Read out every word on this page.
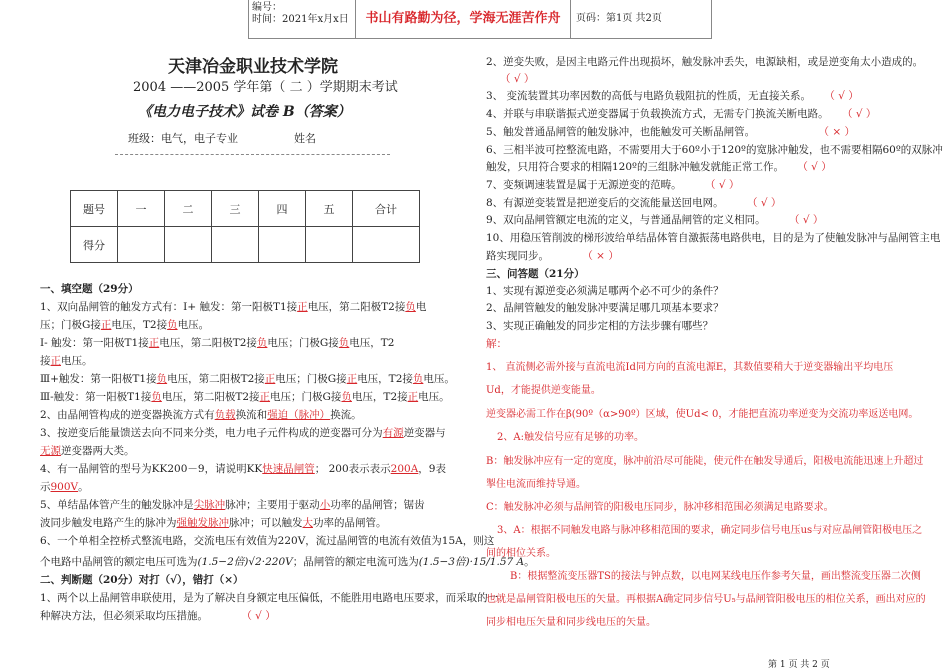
编号：
时间：2021年x月x日	书山有路勤为径，学海无涯苦作舟	页码：第1页 共2页
天津冶金职业技术学院
2004 ——2005 学年第（ 二 ）学期期末考试
《电力电子技术》试卷 B（答案）
班级：电气，电子专业	姓名
题号	一	二	三	四	五	合计
得分						
一、填空题（29分）
1、双向晶闸管的触发方式有：I+ 触发：第一阳极T1接正电压，第二阳极T2接负电
压；门极G接正电压，T2接负电压。
I- 触发：第一阳极T1接正电压，第二阳极T2接负电压；门极G接负电压，T2
接正电压。
Ⅲ+触发：第一阳极T1接负电压，第二阳极T2接正电压；门极G接正电压，T2接负电压。
Ⅲ-触发：第一阳极T1接负电压，第二阳极T2接正电压；门极G接负电压，T2接正电压。
2、由晶闸管构成的逆变器换流方式有负载换流和强迫（脉冲）换流。
3、按逆变后能量馈送去向不同来分类，电力电子元件构成的逆变器可分为有源逆变器与
无源逆变器两大类。
4、有一晶闸管的型号为KK200－9，请说明KK快速晶闸管； 200表示表示200A，9表
示900V。
5、单结晶体管产生的触发脉冲是尖脉冲脉冲；主要用于驱动小功率的晶闸管；锯齿
波同步触发电路产生的脉冲为强触发脉冲脉冲；可以触发大功率的晶闸管。
6、一个单相全控桥式整流电路，交流电压有效值为220V，流过晶闸管的电流有效值为15A，则这
个电路中晶闸管的额定电压可选为(1.5−2倍)√2·220V；晶闸管的额定电流可选为(1.5−3倍)·15/1.57 A。
二、判断题（20分）对打（√），错打（×）
1、两个以上晶闸管串联使用，是为了解决自身额定电压偏低，不能胜用电路电压要求，而采取的一
种解决方法，但必须采取均压措施。	（ √ ）
2、逆变失败，是因主电路元件出现损坏，触发脉冲丢失，电源缺相，或是逆变角太小造成的。
（ √ ）
3、 变流装置其功率因数的高低与电路负载阻抗的性质，无直接关系。 （ √ ）
4、并联与串联谐振式逆变器属于负载换流方式，无需专门换流关断电路。 （ √ ）
5、触发普通晶闸管的触发脉冲，也能触发可关断晶闸管。	（ × ）
6、三相半波可控整流电路，不需要用大于60º小于120º的宽脉冲触发，也不需要相隔60º的双脉冲
触发，只用符合要求的相隔120º的三组脉冲触发就能正常工作。 （ √ ）
7、变频调速装置是属于无源逆变的范畴。 （ √ ）
8、有源逆变装置是把逆变后的交流能量送回电网。 （ √ ）
9、双向晶闸管额定电流的定义，与普通晶闸管的定义相同。 （ √ ）
10、用稳压管削波的梯形波给单结晶体管自激振荡电路供电，目的是为了使触发脉冲与晶闸管主电
路实现同步。	（ × ）
三、问答题（21分）
1、实现有源逆变必须满足哪两个必不可少的条件？
2、晶闸管触发的触发脉冲要满足哪几项基本要求？
3、实现正确触发的同步定相的方法步骤有哪些？
解：
1、 直流侧必需外接与直流电流Id同方向的直流电源E，其数值要稍大于逆变器输出平均电压
Ud，才能提供逆变能量。
逆变器必需工作在β(90º（α>90º）区域，使Ud< 0，才能把直流功率逆变为交流功率返送电网。
2、A:触发信号应有足够的功率。
B：触发脉冲应有一定的宽度，脉冲前沿尽可能陡，使元件在触发导通后，阳极电流能迅速上升超过
掣住电流而维持导通。
C：触发脉冲必须与晶闸管的阳极电压同步，脉冲移相范围必须满足电路要求。
3、A：根据不同触发电路与脉冲移相范围的要求，确定同步信号电压us与对应晶闸管阳极电压之
间的相位关系。
B：根据整流变压器TS的接法与钟点数，以电网某线电压作参考矢量，画出整流变压器二次侧
也就是晶闸管阳极电压的矢量。再根据A确定同步信号U₅与晶闸管阳极电压的相位关系，画出对应的
同步相电压矢量和同步线电压的矢量。
第 1 页 共 2 页
